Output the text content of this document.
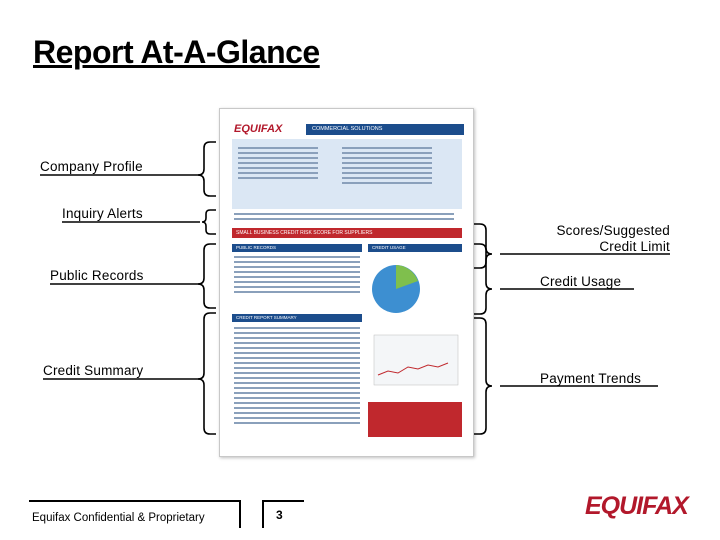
Report At-A-Glance
EQUIFAX	COMMERCIAL SOLUTIONS
SMALL BUSINESS CREDIT RISK SCORE FOR SUPPLIERS
PUBLIC RECORDS	CREDIT USAGE
CREDIT REPORT SUMMARY
Company Profile
Inquiry Alerts
Public Records
Credit Summary
Scores/Suggested
Credit Limit
Credit Usage
Payment Trends
Equifax Confidential & Proprietary	3	EQUIFAX
